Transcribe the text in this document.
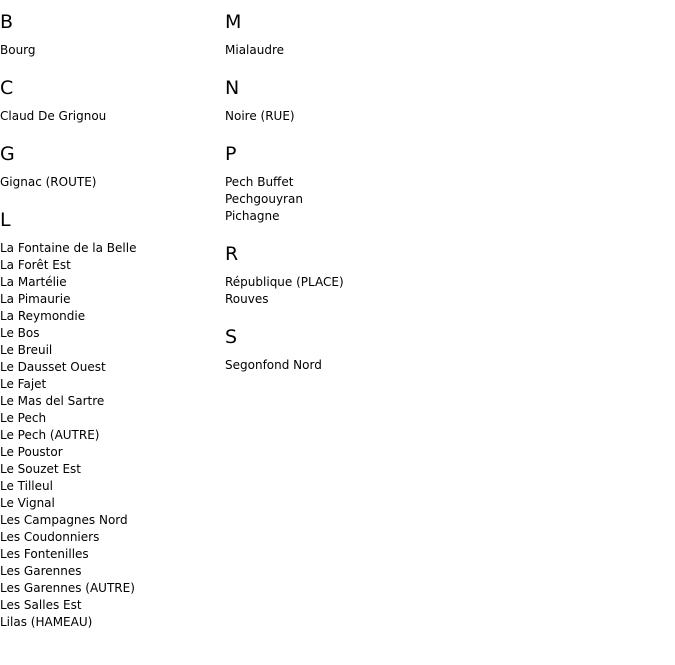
B
Bourg
C
Claud De Grignou
G
Gignac (ROUTE)
L
La Fontaine de la Belle
La Forêt Est
La Martélie
La Pimaurie
La Reymondie
Le Bos
Le Breuil
Le Dausset Ouest
Le Fajet
Le Mas del Sartre
Le Pech
Le Pech (AUTRE)
Le Poustor
Le Souzet Est
Le Tilleul
Le Vignal
Les Campagnes Nord
Les Coudonniers
Les Fontenilles
Les Garennes
Les Garennes (AUTRE)
Les Salles Est
Lilas (HAMEAU)
M
Mialaudre
N
Noire (RUE)
P
Pech Buffet
Pechgouyran
Pichagne
R
République (PLACE)
Rouves
S
Segonfond Nord
